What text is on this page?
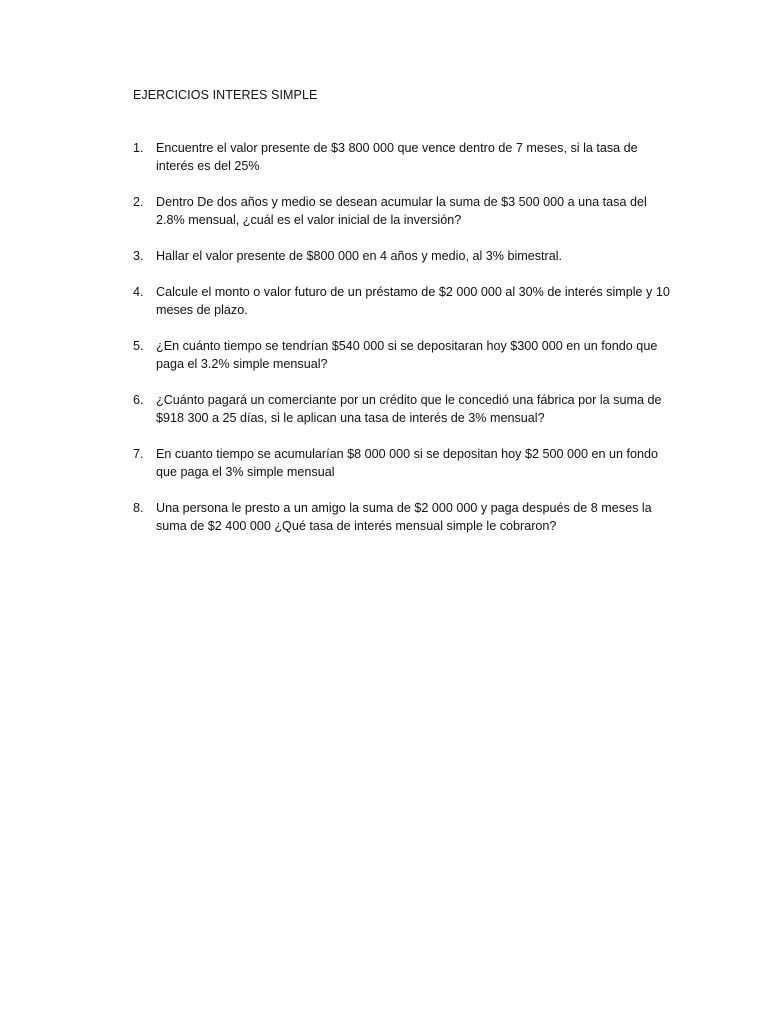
EJERCICIOS INTERES SIMPLE
1. Encuentre el valor presente de $3 800 000 que vence dentro de 7 meses, si la tasa de interés es del 25%
2. Dentro De dos años y medio se desean acumular la suma de $3 500 000 a una tasa del 2.8% mensual, ¿cuál es el valor inicial de la inversión?
3. Hallar el valor presente de $800 000 en 4 años y medio, al 3% bimestral.
4. Calcule el monto o valor futuro de un préstamo de $2 000 000 al 30% de interés simple y 10 meses de plazo.
5. ¿En cuánto tiempo se tendrían $540 000 si se depositaran hoy $300 000 en un fondo que paga el 3.2% simple mensual?
6. ¿Cuánto pagará un comerciante por un crédito que le concedió una fábrica por la suma de $918 300 a 25 días, si le aplican una tasa de interés de 3% mensual?
7. En cuanto tiempo se acumularían $8 000 000 si se depositan hoy $2 500 000 en un fondo que paga el 3% simple mensual
8. Una persona le presto a un amigo la suma de $2 000 000 y paga después de 8 meses la suma de $2 400 000 ¿Qué tasa de interés mensual simple le cobraron?
